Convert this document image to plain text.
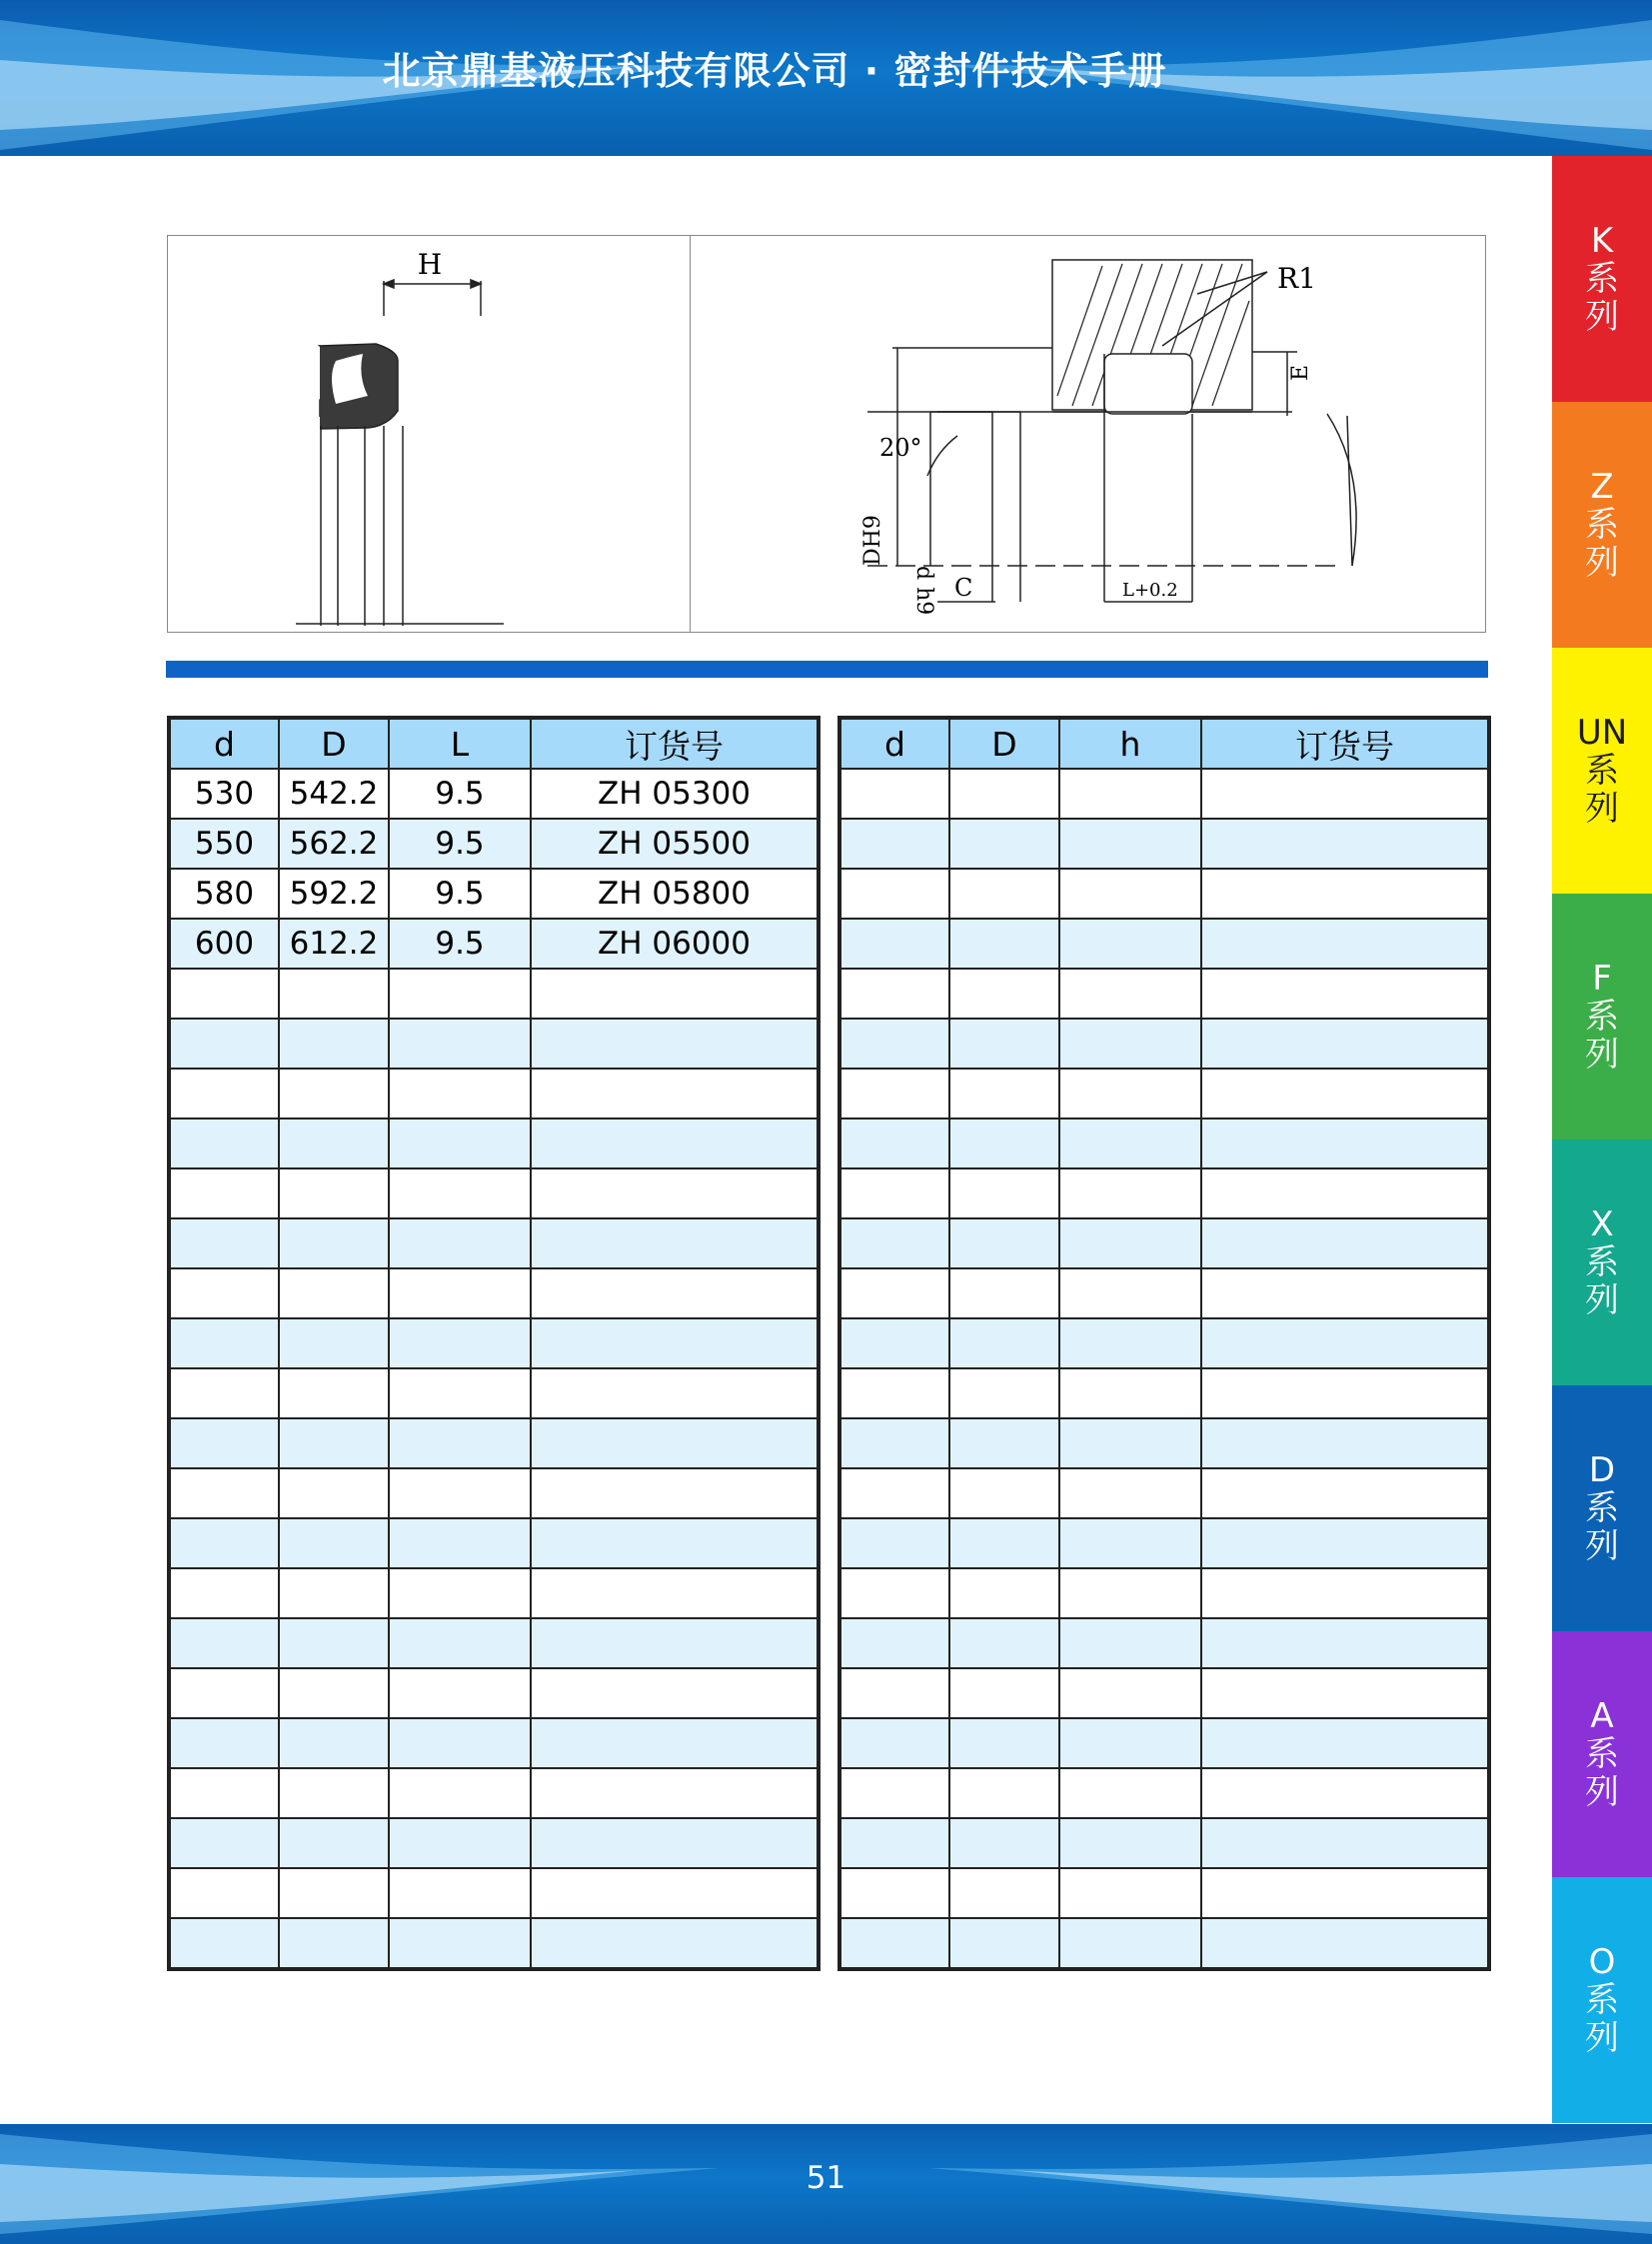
北京鼎基液压科技有限公司 · 密封件技术手册
K
系
列
Z
系
列
UN
系
列
F
系
列
X
系
列
D
系
列
A
系
列
O
系
列
H	R1
E
20°
DH9
d h9 C	L+0.2
d	D	L	订货号
530	542.2	9.5	ZH 05300
550	562.2	9.5	ZH 05500
580	592.2	9.5	ZH 05800
600	612.2	9.5	ZH 06000

d	D	h	订货号

51
